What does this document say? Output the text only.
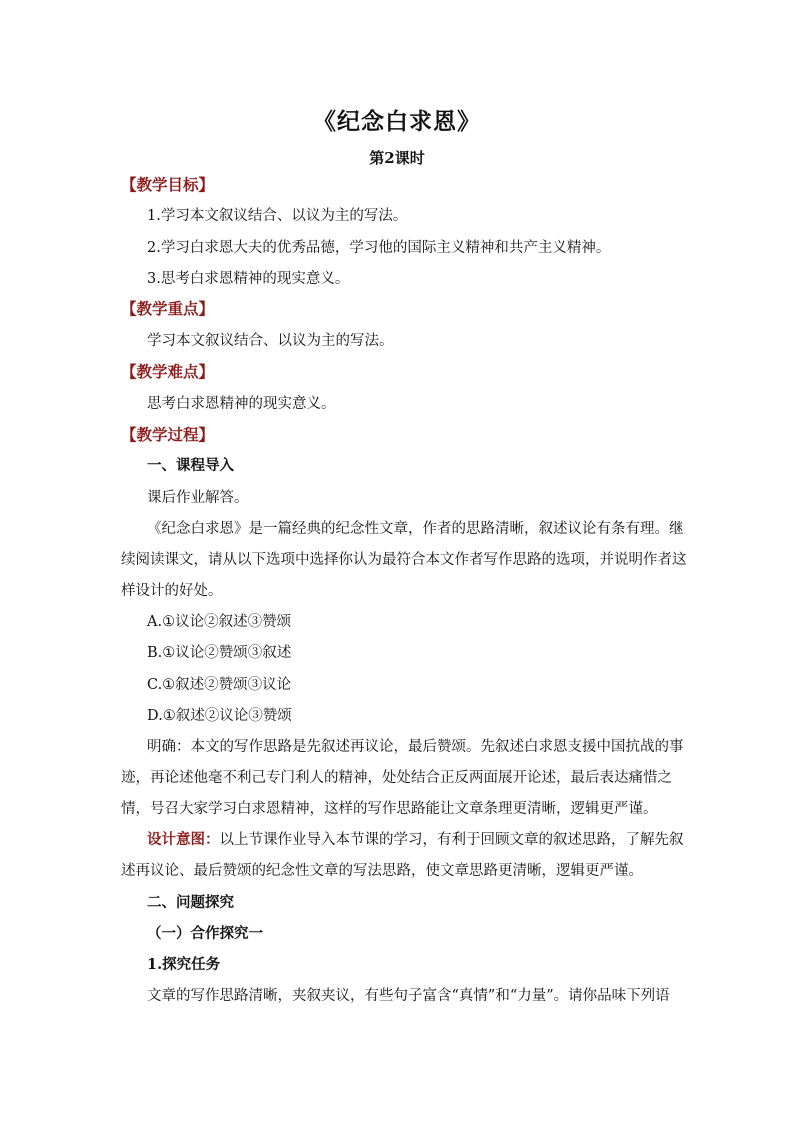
《纪念白求恩》
第2课时
【教学目标】
1.学习本文叙议结合、以议为主的写法。
2.学习白求恩大夫的优秀品德，学习他的国际主义精神和共产主义精神。
3.思考白求恩精神的现实意义。
【教学重点】
学习本文叙议结合、以议为主的写法。
【教学难点】
思考白求恩精神的现实意义。
【教学过程】
一、课程导入
课后作业解答。
《纪念白求恩》是一篇经典的纪念性文章，作者的思路清晰，叙述议论有条有理。继
续阅读课文，请从以下选项中选择你认为最符合本文作者写作思路的选项，并说明作者这
样设计的好处。
A.①议论②叙述③赞颂
B.①议论②赞颂③叙述
C.①叙述②赞颂③议论
D.①叙述②议论③赞颂
明确：本文的写作思路是先叙述再议论，最后赞颂。先叙述白求恩支援中国抗战的事
迹，再论述他毫不利己专门利人的精神，处处结合正反两面展开论述，最后表达痛惜之
情，号召大家学习白求恩精神，这样的写作思路能让文章条理更清晰，逻辑更严谨。
设计意图：以上节课作业导入本节课的学习，有利于回顾文章的叙述思路，了解先叙
述再议论、最后赞颂的纪念性文章的写法思路，使文章思路更清晰，逻辑更严谨。
二、问题探究
（一）合作探究一
1.探究任务
文章的写作思路清晰，夹叙夹议，有些句子富含“真情”和“力量”。请你品味下列语
